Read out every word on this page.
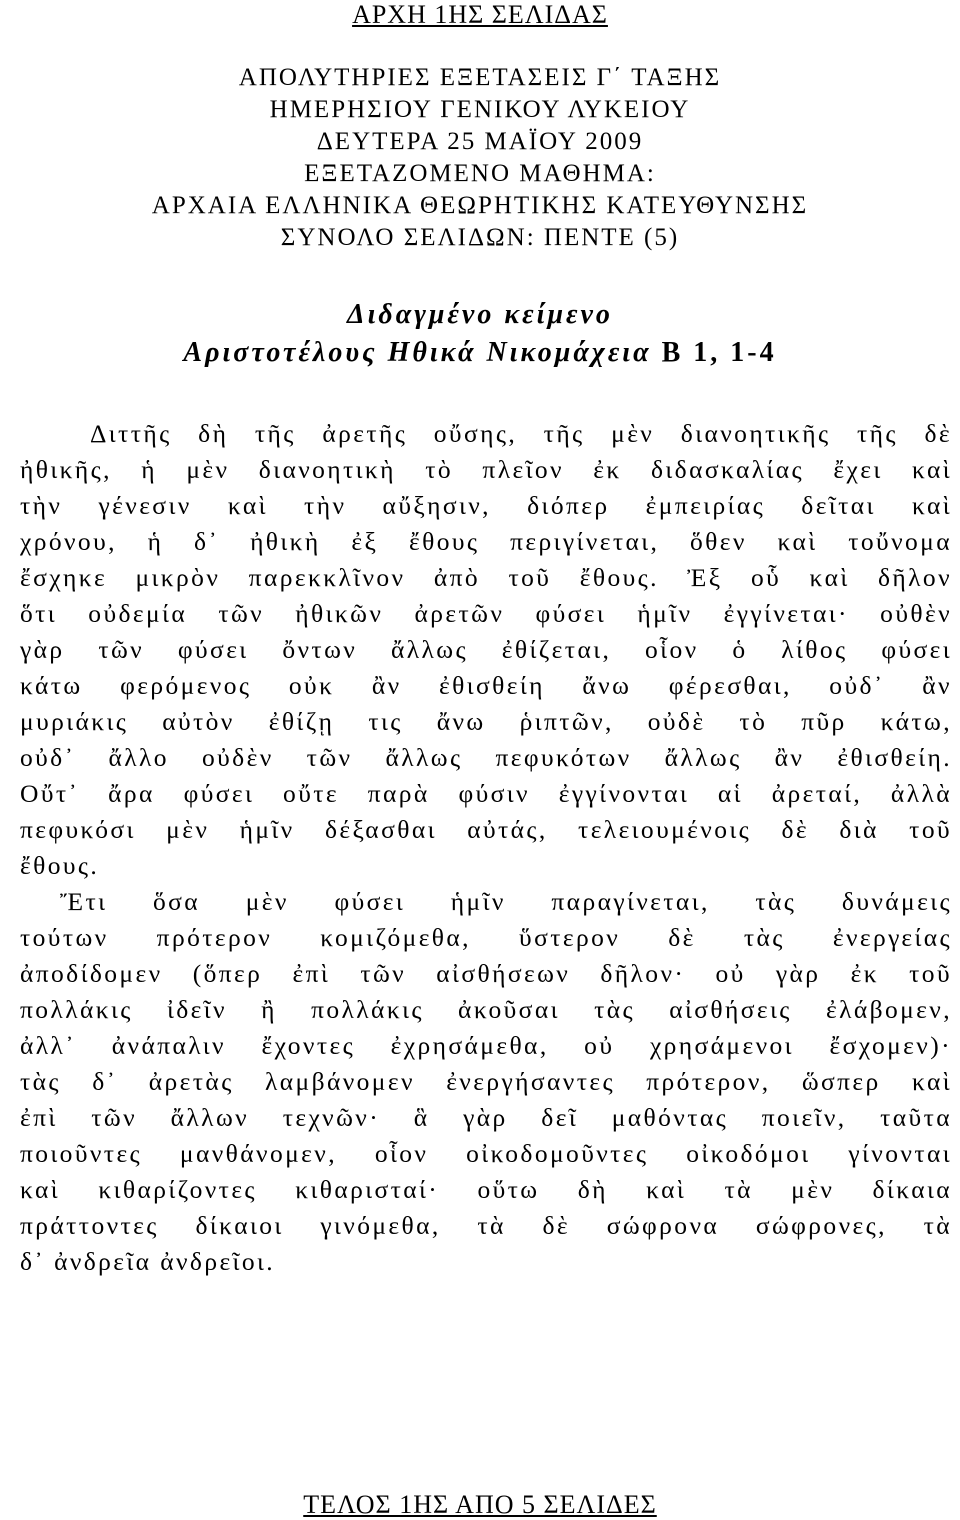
ΑΡΧΗ 1ΗΣ ΣΕΛΙΔΑΣ
ΑΠΟΛΥΤΗΡΙΕΣ ΕΞΕΤΑΣΕΙΣ Γ΄ ΤΑΞΗΣ
ΗΜΕΡΗΣΙΟΥ ΓΕΝΙΚΟΥ ΛΥΚΕΙΟΥ
ΔΕΥΤΕΡΑ 25 ΜΑΪΟΥ 2009
ΕΞΕΤΑΖΟΜΕΝΟ ΜΑΘΗΜΑ:
ΑΡΧΑΙΑ ΕΛΛΗΝΙΚΑ ΘΕΩΡΗΤΙΚΗΣ ΚΑΤΕΥΘΥΝΣΗΣ
ΣΥΝΟΛΟ ΣΕΛΙΔΩΝ: ΠΕΝΤΕ (5)
Διδαγμένο κείμενο
Αριστοτέλους Ηθικά Νικομάχεια Β 1, 1-4
Διττῆς δὴ τῆς ἀρετῆς οὔσης, τῆς μὲν διανοητικῆς τῆς δὲ
ἠθικῆς, ἡ μὲν διανοητικὴ τὸ πλεῖον ἐκ διδασκαλίας ἔχει καὶ
τὴν γένεσιν καὶ τὴν αὔξησιν, διόπερ ἐμπειρίας δεῖται καὶ
χρόνου, ἡ δ᾽ ἠθικὴ ἐξ ἔθους περιγίνεται, ὅθεν καὶ τοὔνομα
ἔσχηκε μικρὸν παρεκκλῖνον ἀπὸ τοῦ ἔθους. Ἐξ οὗ καὶ δῆλον
ὅτι οὐδεμία τῶν ἠθικῶν ἀρετῶν φύσει ἡμῖν ἐγγίνεται· οὐθὲν
γὰρ τῶν φύσει ὄντων ἄλλως ἐθίζεται, οἷον ὁ λίθος φύσει
κάτω φερόμενος οὐκ ἂν ἐθισθείη ἄνω φέρεσθαι, οὐδ᾽ ἂν
μυριάκις αὐτὸν ἐθίζῃ τις ἄνω ῥιπτῶν, οὐδὲ τὸ πῦρ κάτω,
οὐδ᾽ ἄλλο οὐδὲν τῶν ἄλλως πεφυκότων ἄλλως ἂν ἐθισθείη.
Οὔτ᾽ ἄρα φύσει οὔτε παρὰ φύσιν ἐγγίνονται αἱ ἀρεταί, ἀλλὰ
πεφυκόσι μὲν ἡμῖν δέξασθαι αὐτάς, τελειουμένοις δὲ διὰ τοῦ
ἔθους.
Ἔτι ὅσα μὲν φύσει ἡμῖν παραγίνεται, τὰς δυνάμεις
τούτων πρότερον κομιζόμεθα, ὕστερον δὲ τὰς ἐνεργείας
ἀποδίδομεν (ὅπερ ἐπὶ τῶν αἰσθήσεων δῆλον· οὐ γὰρ ἐκ τοῦ
πολλάκις ἰδεῖν ἢ πολλάκις ἀκοῦσαι τὰς αἰσθήσεις ἐλάβομεν,
ἀλλ᾽ ἀνάπαλιν ἔχοντες ἐχρησάμεθα, οὐ χρησάμενοι ἔσχομεν)·
τὰς δ᾽ ἀρετὰς λαμβάνομεν ἐνεργήσαντες πρότερον, ὥσπερ καὶ
ἐπὶ τῶν ἄλλων τεχνῶν· ἃ γὰρ δεῖ μαθόντας ποιεῖν, ταῦτα
ποιοῦντες μανθάνομεν, οἷον οἰκοδομοῦντες οἰκοδόμοι γίνονται
καὶ κιθαρίζοντες κιθαρισταί· οὕτω δὴ καὶ τὰ μὲν δίκαια
πράττοντες δίκαιοι γινόμεθα, τὰ δὲ σώφρονα σώφρονες, τὰ
δ᾽ ἀνδρεῖα ἀνδρεῖοι.
ΤΕΛΟΣ 1ΗΣ ΑΠΟ 5 ΣΕΛΙΔΕΣ
